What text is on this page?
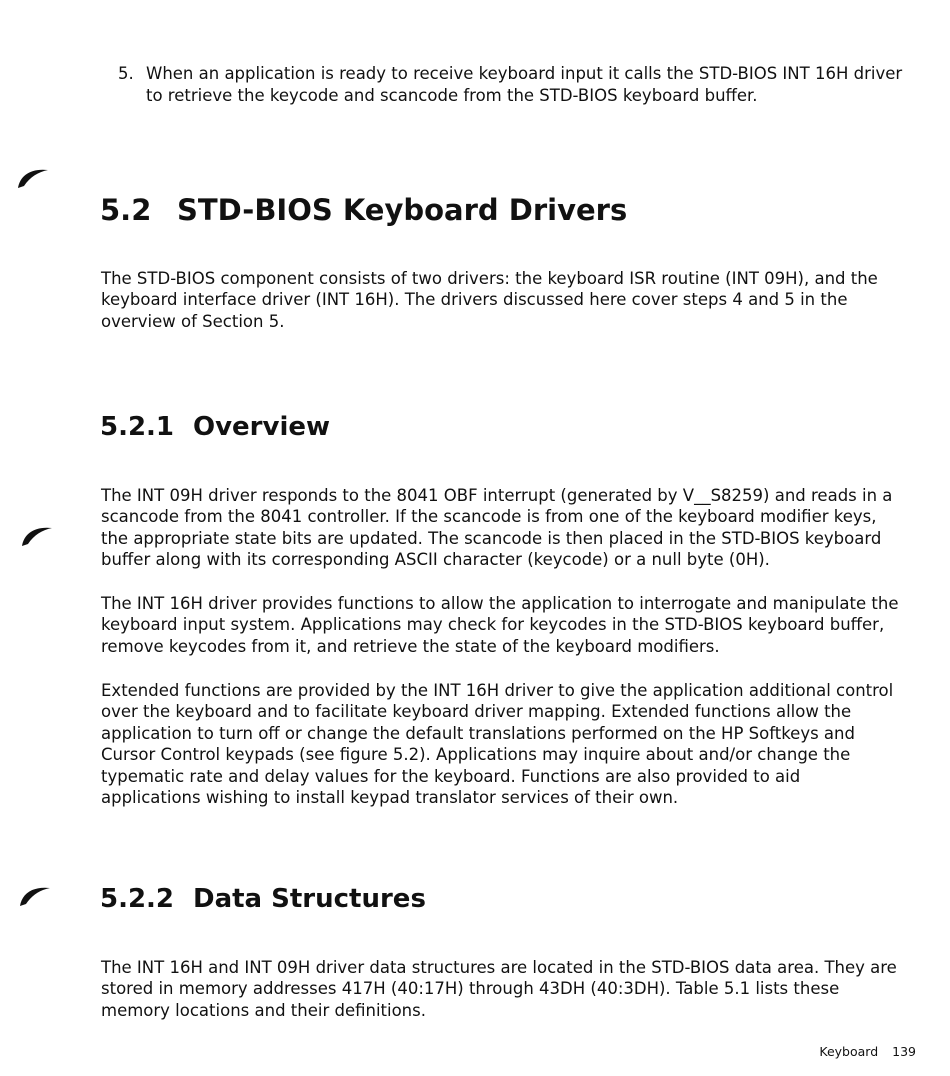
5. When an application is ready to receive keyboard input it calls the STD-BIOS INT 16H driver to retrieve the keycode and scancode from the STD-BIOS keyboard buffer.
5.2 STD-BIOS Keyboard Drivers

The STD-BIOS component consists of two drivers: the keyboard ISR routine (INT 09H), and the keyboard interface driver (INT 16H). The drivers discussed here cover steps 4 and 5 in the overview of Section 5.

5.2.1 Overview

The INT 09H driver responds to the 8041 OBF interrupt (generated by V__S8259) and reads in a scancode from the 8041 controller. If the scancode is from one of the keyboard modifier keys, the appropriate state bits are updated. The scancode is then placed in the STD-BIOS keyboard buffer along with its corresponding ASCII character (keycode) or a null byte (0H).

The INT 16H driver provides functions to allow the application to interrogate and manipulate the keyboard input system. Applications may check for keycodes in the STD-BIOS keyboard buffer, remove keycodes from it, and retrieve the state of the keyboard modifiers.

Extended functions are provided by the INT 16H driver to give the application additional control over the keyboard and to facilitate keyboard driver mapping. Extended functions allow the application to turn off or change the default translations performed on the HP Softkeys and Cursor Control keypads (see figure 5.2). Applications may inquire about and/or change the typematic rate and delay values for the keyboard. Functions are also provided to aid applications wishing to install keypad translator services of their own.

5.2.2 Data Structures

The INT 16H and INT 09H driver data structures are located in the STD-BIOS data area. They are stored in memory addresses 417H (40:17H) through 43DH (40:3DH). Table 5.1 lists these memory locations and their definitions.

Keyboard 139
